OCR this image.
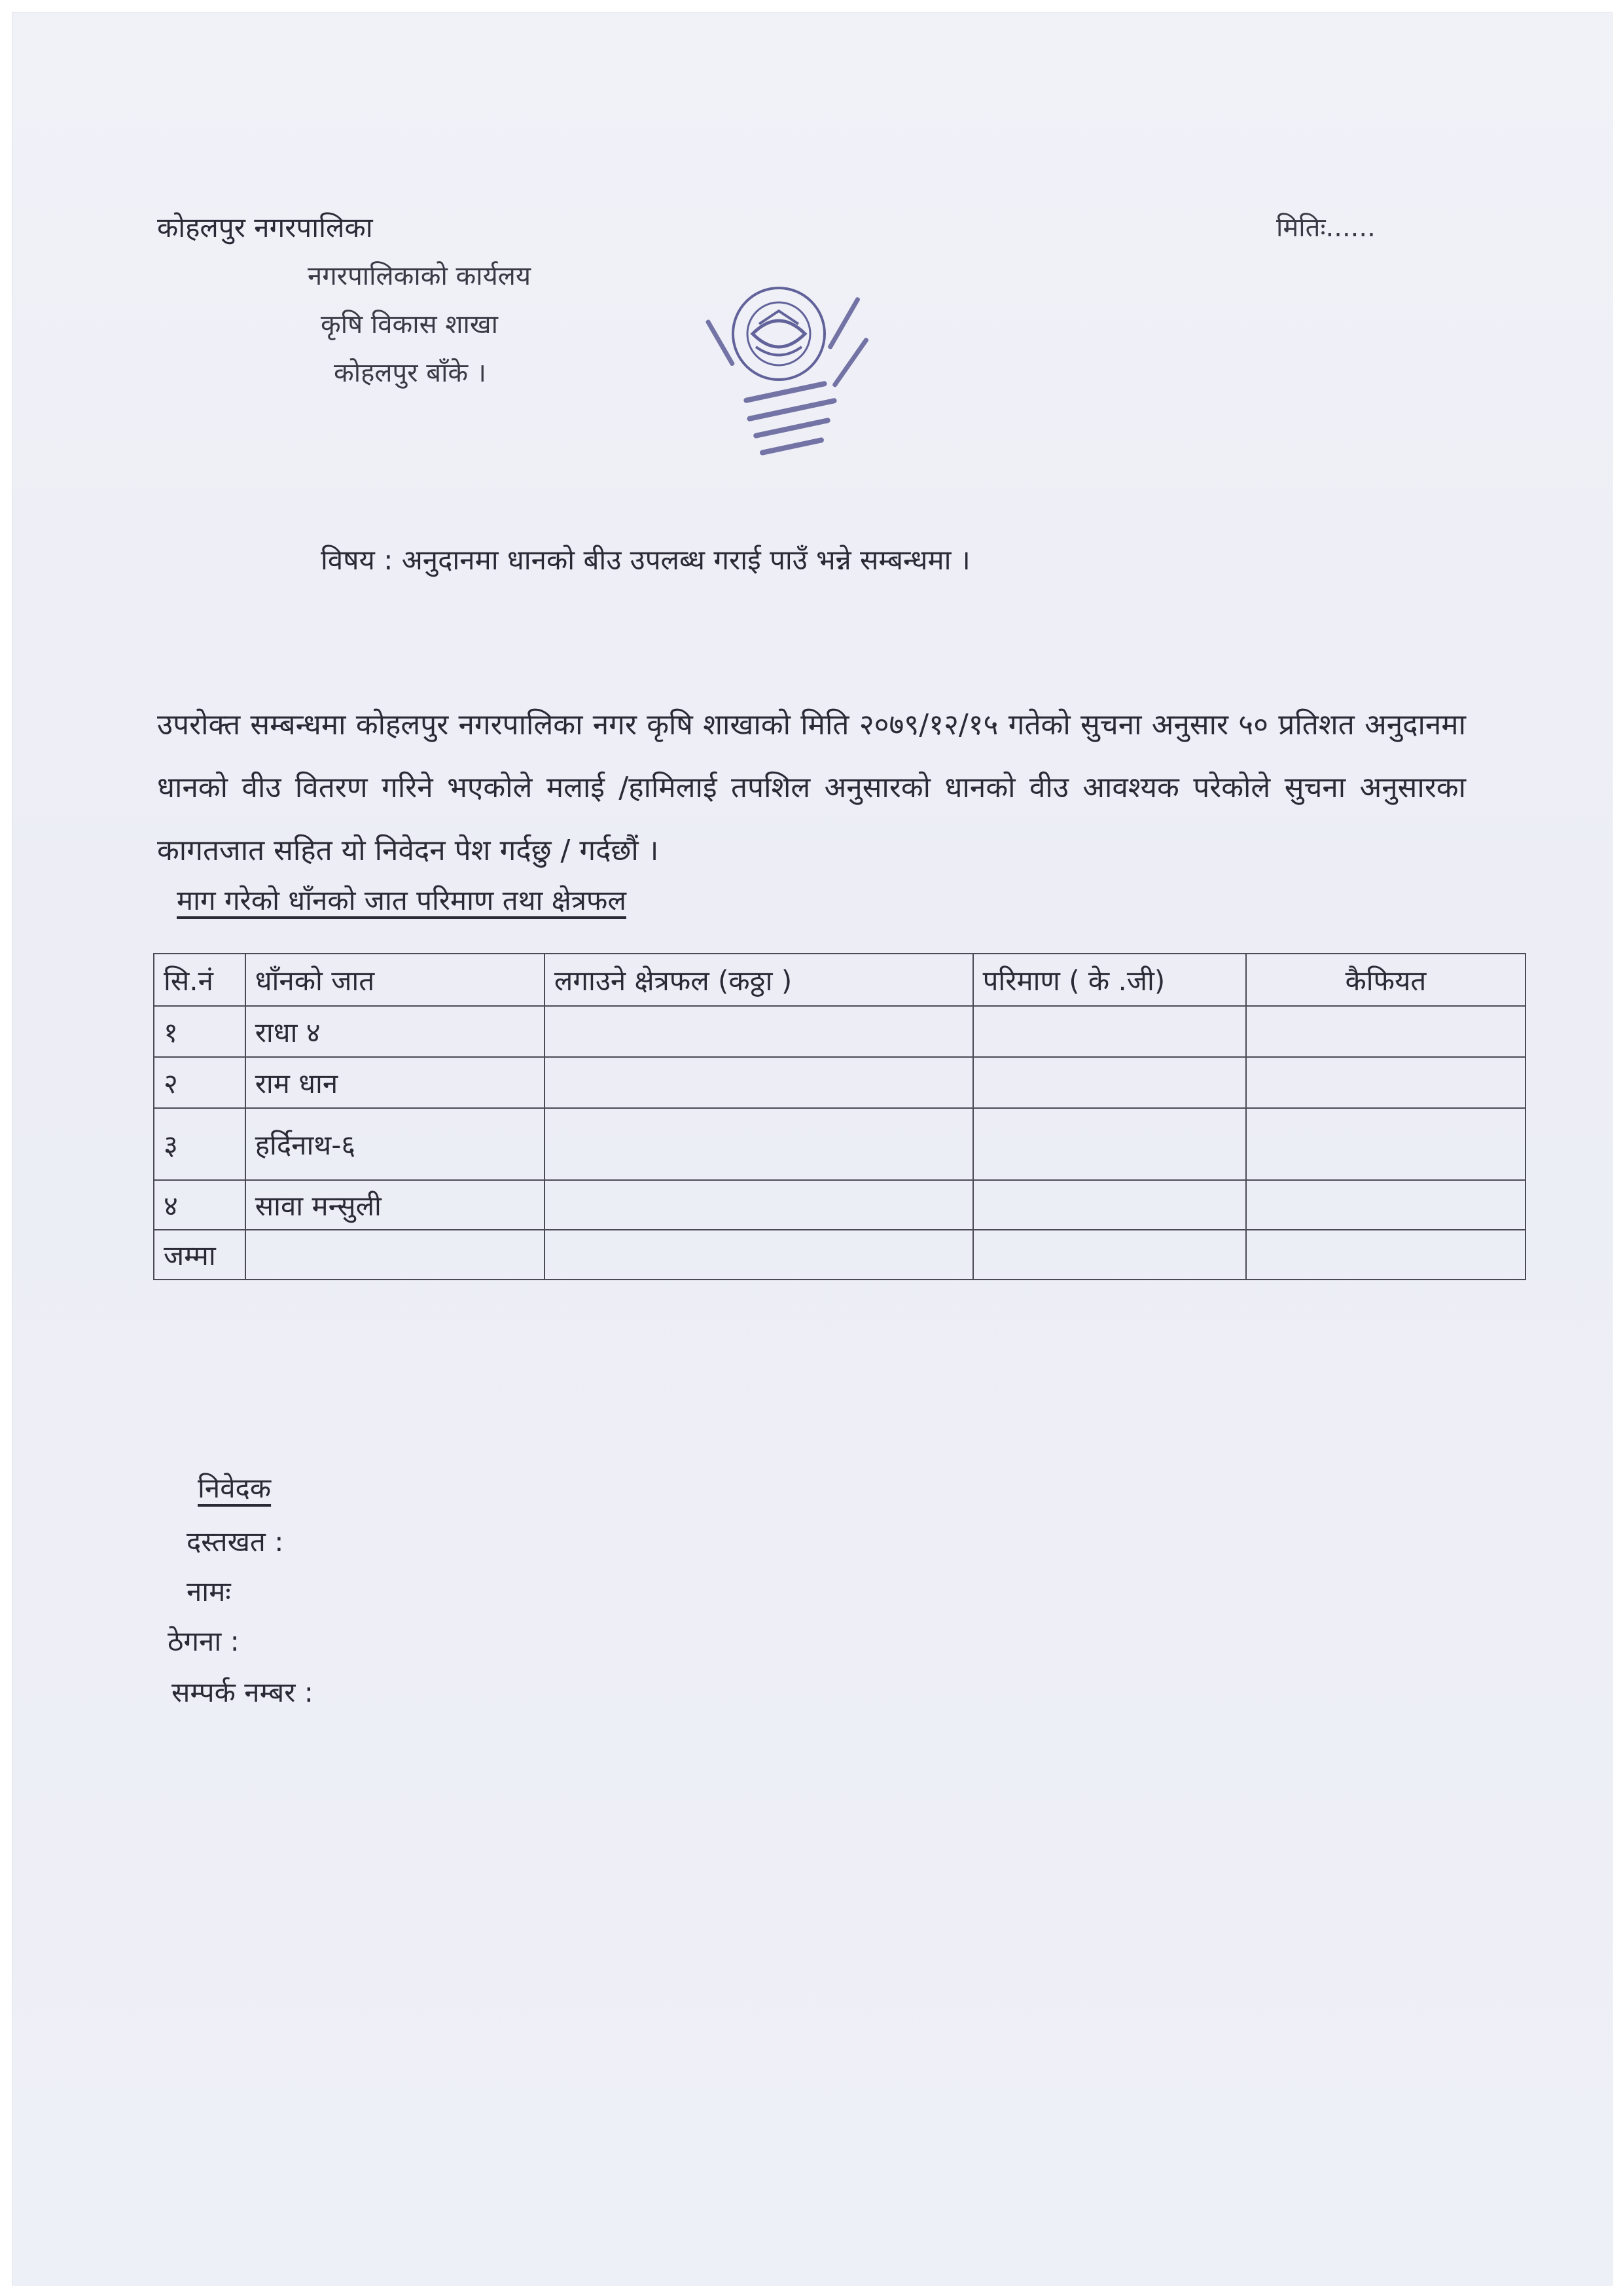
कोहलपुर नगरपालिका
नगरपालिकाको कार्यलय
कृषि विकास शाखा
कोहलपुर बाँके ।
मितिः......
विषय : अनुदानमा धानको बीउ उपलब्ध गराई पाउँ भन्ने सम्बन्धमा ।
उपरोक्त सम्बन्धमा कोहलपुर नगरपालिका नगर कृषि शाखाको मिति २०७९/१२/१५ गतेको सुचना अनुसार ५० प्रतिशत अनुदानमा धानको वीउ वितरण गरिने भएकोले मलाई /हामिलाई तपशिल अनुसारको धानको वीउ आवश्यक परेकोले सुचना अनुसारका कागतजात सहित यो निवेदन पेश गर्दछु / गर्दछौं ।
माग गरेको धाँनको जात परिमाण तथा क्षेत्रफल
सि.नं	धाँनको जात	लगाउने क्षेत्रफल (कठ्ठा )	परिमाण ( के .जी)	कैफियत
१	राधा ४			
२	राम धान			
३	हर्दिनाथ-६			
४	सावा मन्सुली			
जम्मा				
निवेदक
दस्तखत :
नामः
ठेगना :
सम्पर्क नम्बर :
